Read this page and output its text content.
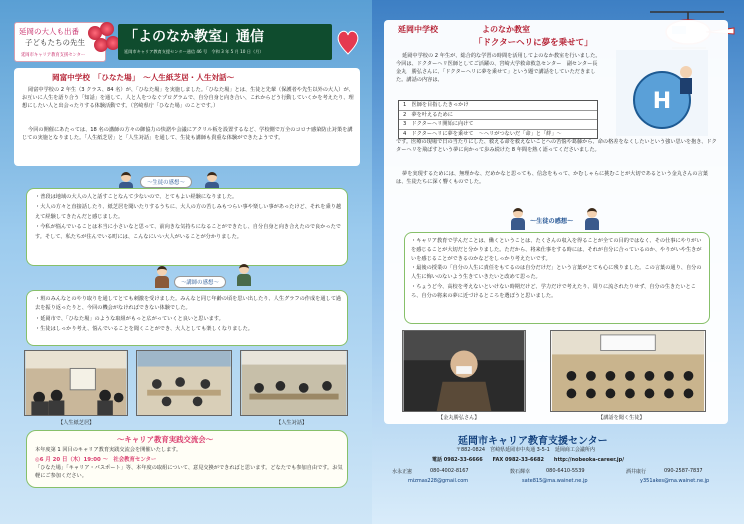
延岡の大人も出番
子どもたちの先生
延岡市キャリア教育支援センター
「よのなか教室」通信
延岡市キャリア教育支援センター通信 46 号　令和 3 年 5 月 10 日（月）
岡富中学校　「ひなた場」　～人生紙芝居・人生対話～
岡富中学校の 2 年生（3 クラス、84 名）が、「ひなた場」を実施しました。「ひなた場」とは、生徒と先輩（保護者や先生以外の大人）が、お互いに人生を語り合う「知話」を通して、人と人をつなぐプログラムで、自分自身と向き合い、これからどう行動していくかを考えたり、理想にしたい人と出会ったりする体験活動です。（宮崎県庁「ひなた場」のことです。）
今回の開催にあたっては、18 名の講師の方々の御協力の快諾や会議にアクリル板を設置するなど、学校側で万全のコロナ感染防止対策を講じての実施となりました。「人生紙芝居」と「人生対話」を通して、生徒も講師も貴重な体験ができたようです。
～生徒の感想～

・普段は地域の大人の人と話すことなんて少ないので、とてもよい経験になりました。

・大人の方々と直接話したり、紙芝居を聞いたりするうちに、大人の方の苦しみもつらい事や楽しい事があったけど、それを乗り越えて経験してきたんだと感じました。

・今私が悩んでいることは本当に小さいなと思って、前向きな気持ちになることができたし、自分自身と向き合えたので良かったです。そして、私たちが住んでいる町には、こんなにいい大人がいることが分かりました。

～講師の感想～

・班のみんなとのやり取りを通してとても刺激を受けました。みんなと同じ年齢の頃を思い出したり、人生グラフの作成を通して過去を振り返ったりと、今回の機会がなければできない体験でした。

・延岡市で、「ひなた場」のような取組がもっと広がっていくと良いと思います。

・生徒はしっかり考え、悩んでいることを聞くことができ、大人としても楽しくなりました。

【人生紙芝居】	【人生対話】
～キャリア教育実践交流会～
本年度第 1 回目のキャリア教育実践交流会を開催いたします。
◎6 月 20 日（木）19:00 ～　社会教育センター
「ひなた場」「キャリア・パスポート」等、本年度の取組について、意見交換ができればと思います。どなたでも参加自由です。お気軽にご参加ください。
延岡中学校	よのなか教室
「ドクターヘリに夢を乗せて」
延岡中学校の 2 年生が、総合的な学習の時間を活用してよのなか教室を行いました。今回は、ドクターヘリ医師としてご活躍の、宮崎大学救命救急センター　副センター長　金丸　勝弘さんに、「ドクターヘリに夢を乗せて」という題で講話をしていただきました。講話の内容は、
H
1　医師を目指したきっかけ
2　夢を叶えるために
3　ドクターヘリ開始に向けて
4　ドクターヘリに夢を乗せて　～ヘリがつないだ「命」と「絆」～
です。医療の現場で日の当たりにした、救える命を救えないことへの苦悩や葛藤から、命の格差をなくしたいという強い思いを抱き、ドクターヘリを飛ばすという夢に向かって歩み続けた 8 年間を熱く語ってくださいました。
夢を実現するためには、無理かな、だめかなと思っても、信念をもって、かむしゃらに挑むことが大切であるという金丸さんの言葉は、生徒たちに深く響くものでした。
～生徒の感想～

・キャリア教育で学んだことは、働くということは、たくさんの収入を得ることが全ての目的ではなく、その仕事にやりがいを感じることが大切だと分かりました。ただから、将来仕事をする時には、それが自分に合っているのか、やりがいや生きがいを感じることができるのかなどをしっかり考えたいです。

・最後の授業の「自分の人生に責任をもてるのは自分だけだ」という言葉がとても心に残りました。この言葉の通り、自分の人生に悔いのないよう生きていきたいと改めて思った。

・ちょうど今、高校を考えないといけない時期だけど、学力だけで考えたり、周りに流されたりせず、自分の生きたいところ、自分の将来の夢に近づけるところを選ぼうと思いました。

【金丸勝弘さん】	【講話を聞く生徒】
延岡市キャリア教育支援センター
〒882-0824　宮崎県延岡市中央通 3-5-1　延岡商工会議所内
電話 0982-33-6666　　FAX 0982-33-6682　　http://nobeoka-career.jp/
水永正憲	080-4002-8167	数石輝幸	080-6410-5539	酒井康行	090-2587-7837
mizmas228@gmail.com	sate815@ma.wainet.ne.jp	y351akes@ma.wainet.ne.jp
